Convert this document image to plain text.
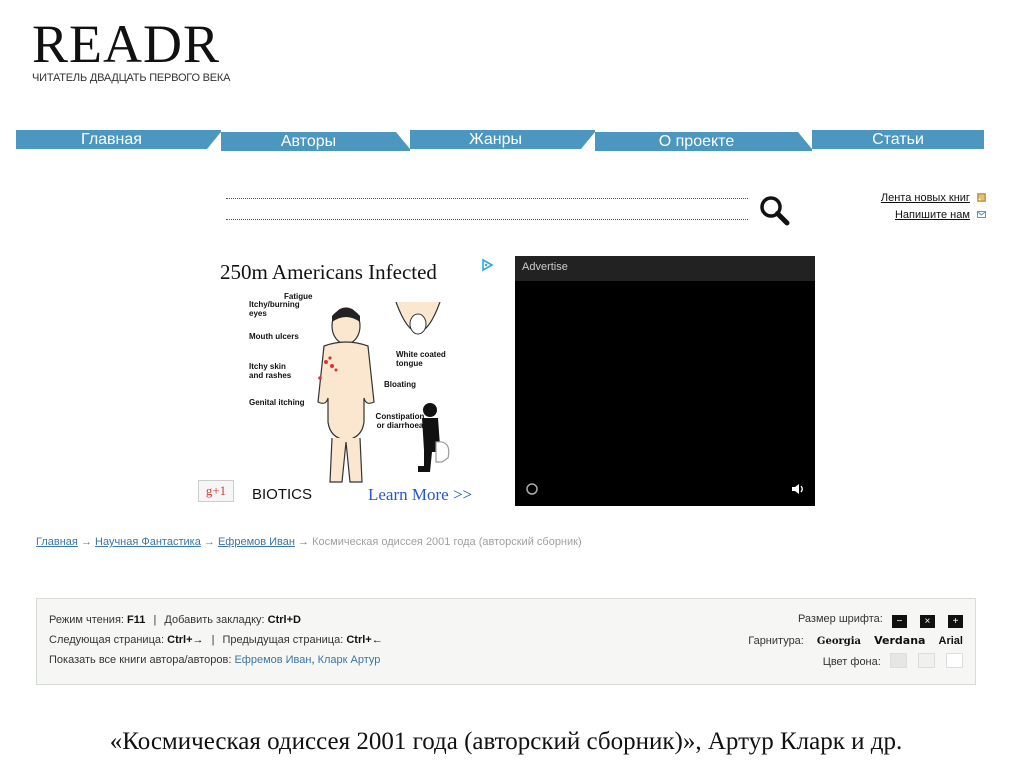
READR
ЧИТАТЕЛЬ ДВАДЦАТЬ ПЕРВОГО ВЕКА
Главная	Авторы	Жанры	О проекте	Статьи
Лента новых книг
Напишите нам
250m Americans Infected
Fatigue
Itchy/burning eyes
Mouth ulcers
Itchy skin and rashes
Genital itching
White coated tongue
Bloating
Constipation or diarrhoea
BIOTICS	Learn More >>
g+1
Advertise
Главная → Научная Фантастика → Ефремов Иван → Космическая одиссея 2001 года (авторский сборник)
Режим чтения: F11 | Добавить закладку: Ctrl+D
Следующая страница: Ctrl+→ | Предыдущая страница: Ctrl+←
Показать все книги автора/авторов: Ефремов Иван, Кларк Артур
Размер шрифта: − × +
Гарнитура: Georgia Verdana Arial
Цвет фона:
«Космическая одиссея 2001 года (авторский сборник)», Артур Кларк и др.
